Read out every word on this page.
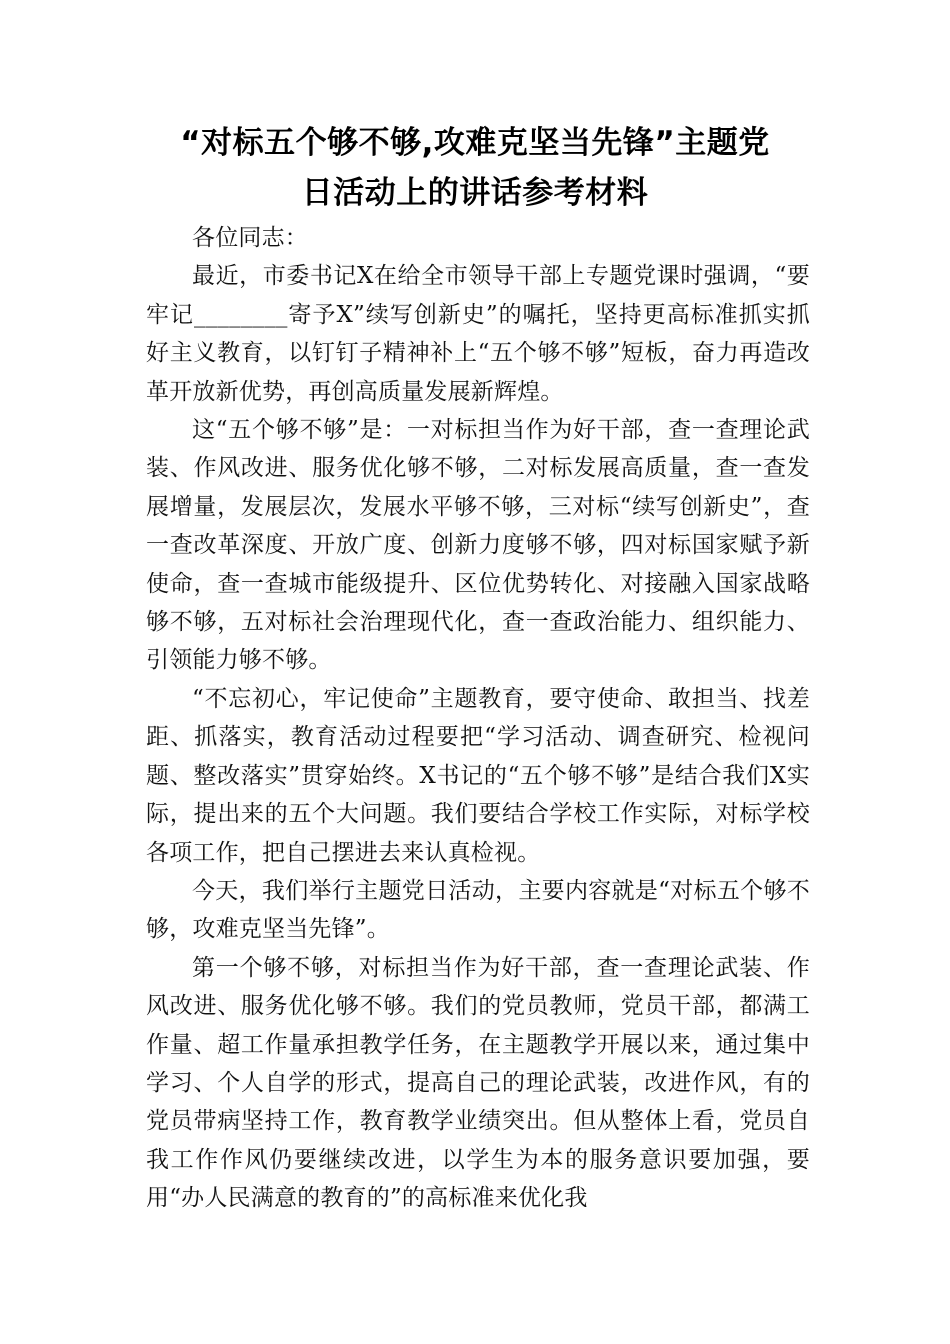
“对标五个够不够,攻难克坚当先锋”主题党
日活动上的讲话参考材料

各位同志：

最近，市委书记X在给全市领导干部上专题党课时强调，“要牢记________寄予X”续写创新史”的嘱托，坚持更高标准抓实抓好主义教育，以钉钉子精神补上“五个够不够”短板，奋力再造改革开放新优势，再创高质量发展新辉煌。

这“五个够不够”是：一对标担当作为好干部，查一查理论武装、作风改进、服务优化够不够，二对标发展高质量，查一查发展增量，发展层次，发展水平够不够，三对标“续写创新史”，查一查改革深度、开放广度、创新力度够不够，四对标国家赋予新使命，查一查城市能级提升、区位优势转化、对接融入国家战略够不够，五对标社会治理现代化，查一查政治能力、组织能力、引领能力够不够。

“不忘初心，牢记使命”主题教育，要守使命、敢担当、找差距、抓落实，教育活动过程要把“学习活动、调查研究、检视问题、整改落实”贯穿始终。X书记的“五个够不够”是结合我们X实际，提出来的五个大问题。我们要结合学校工作实际，对标学校各项工作，把自己摆进去来认真检视。

今天，我们举行主题党日活动，主要内容就是“对标五个够不够，攻难克坚当先锋”。

第一个够不够，对标担当作为好干部，查一查理论武装、作风改进、服务优化够不够。我们的党员教师，党员干部，都满工作量、超工作量承担教学任务，在主题教学开展以来，通过集中学习、个人自学的形式，提高自己的理论武装，改进作风，有的党员带病坚持工作，教育教学业绩突出。但从整体上看，党员自我工作作风仍要继续改进，以学生为本的服务意识要加强，要用“办人民满意的教育的”的高标准来优化我
